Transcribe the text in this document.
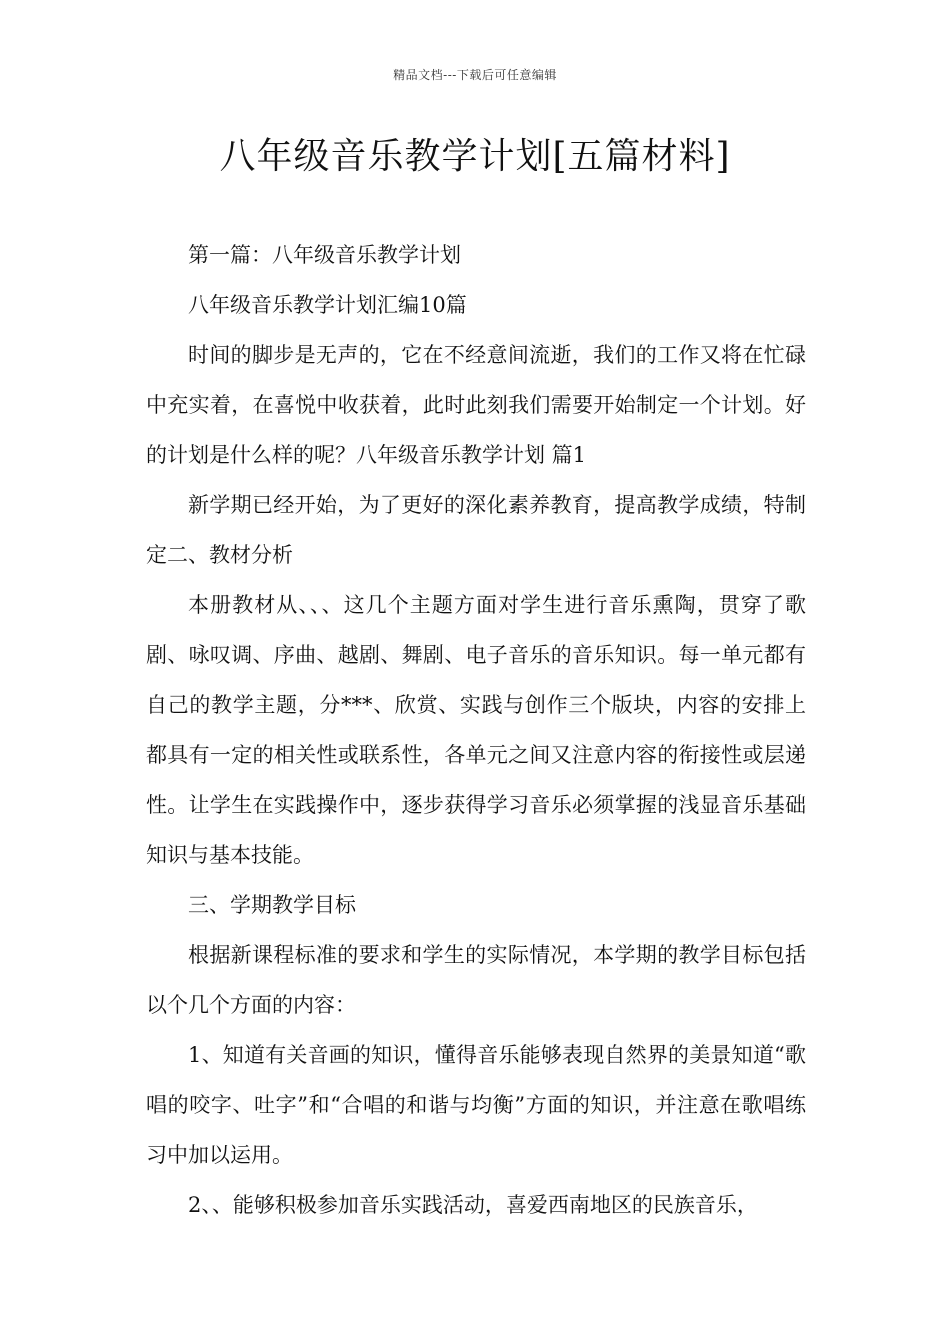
精品文档---下载后可任意编辑
八年级音乐教学计划[五篇材料]

第一篇：八年级音乐教学计划

八年级音乐教学计划汇编10篇

时间的脚步是无声的，它在不经意间流逝，我们的工作又将在忙碌中充实着，在喜悦中收获着，此时此刻我们需要开始制定一个计划。好的计划是什么样的呢？八年级音乐教学计划 篇1

新学期已经开始，为了更好的深化素养教育，提高教学成绩，特制定二、教材分析

本册教材从、、、这几个主题方面对学生进行音乐熏陶，贯穿了歌剧、咏叹调、序曲、越剧、舞剧、电子音乐的音乐知识。每一单元都有自己的教学主题，分***、欣赏、实践与创作三个版块，内容的安排上都具有一定的相关性或联系性，各单元之间又注意内容的衔接性或层递性。让学生在实践操作中，逐步获得学习音乐必须掌握的浅显音乐基础知识与基本技能。

三、学期教学目标

根据新课程标准的要求和学生的实际情况，本学期的教学目标包括以个几个方面的内容：

1、知道有关音画的知识，懂得音乐能够表现自然界的美景知道“歌唱的咬字、吐字”和“合唱的和谐与均衡”方面的知识，并注意在歌唱练习中加以运用。

2、、能够积极参加音乐实践活动，喜爱西南地区的民族音乐，
